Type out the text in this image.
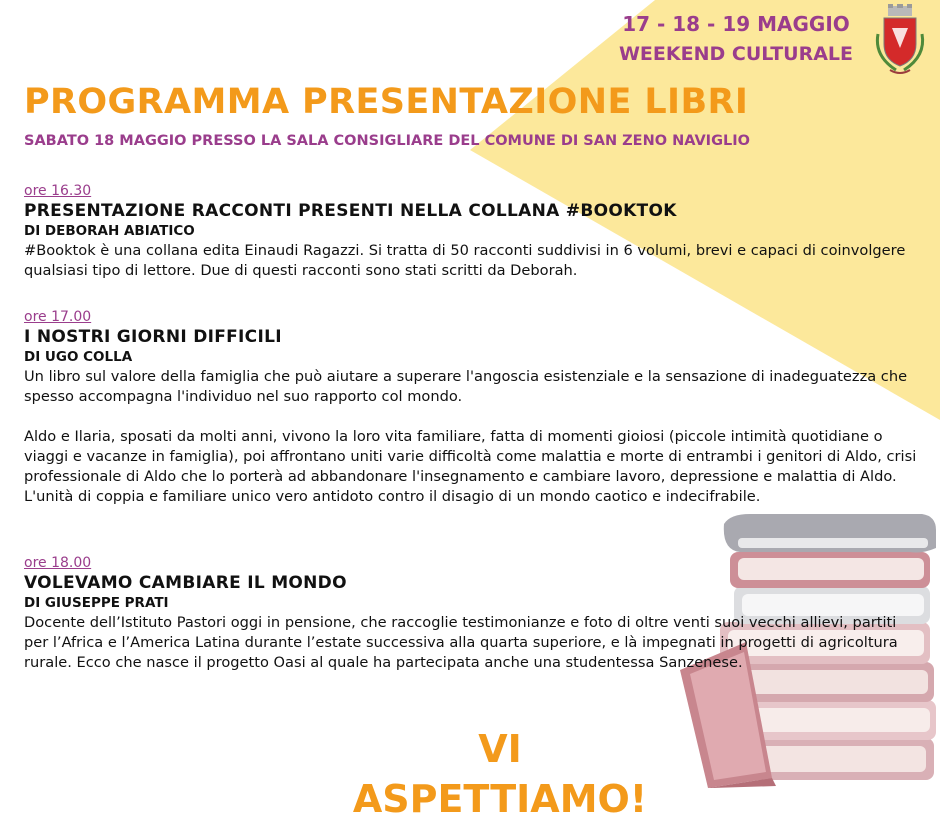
17 - 18 - 19 MAGGIO
WEEKEND CULTURALE
PROGRAMMA PRESENTAZIONE LIBRI
SABATO 18 MAGGIO PRESSO LA SALA CONSIGLIARE DEL COMUNE DI SAN ZENO NAVIGLIO
ore 16.30
PRESENTAZIONE RACCONTI PRESENTI NELLA COLLANA #BOOKTOK
DI DEBORAH ABIATICO

#Booktok è una collana edita Einaudi Ragazzi. Si tratta di 50 racconti suddivisi in 6 volumi, brevi e capaci di coinvolgere qualsiasi tipo di lettore. Due di questi racconti sono stati scritti da Deborah.

ore 17.00
I NOSTRI GIORNI DIFFICILI
DI UGO COLLA

Un libro sul valore della famiglia che può aiutare a superare l'angoscia esistenziale e la sensazione di inadeguatezza che spesso accompagna l'individuo nel suo rapporto col mondo.

Aldo e Ilaria, sposati da molti anni, vivono la loro vita familiare, fatta di momenti gioiosi (piccole intimità quotidiane o viaggi e vacanze in famiglia), poi affrontano uniti varie difficoltà come malattia e morte di entrambi i genitori di Aldo, crisi professionale di Aldo che lo porterà ad abbandonare l'insegnamento e cambiare lavoro, depressione e malattia di Aldo. L'unità di coppia e familiare unico vero antidoto contro il disagio di un mondo caotico e indecifrabile.

ore 18.00
VOLEVAMO CAMBIARE IL MONDO
DI GIUSEPPE PRATI

Docente dell’Istituto Pastori oggi in pensione, che raccoglie testimonianze e foto di oltre venti suoi vecchi allievi, partiti per l’Africa e l’America Latina durante l’estate successiva alla quarta superiore, e là impegnati in progetti di agricoltura rurale. Ecco che nasce il progetto Oasi al quale ha partecipata anche una studentessa Sanzenese.

VI ASPETTIAMO!
